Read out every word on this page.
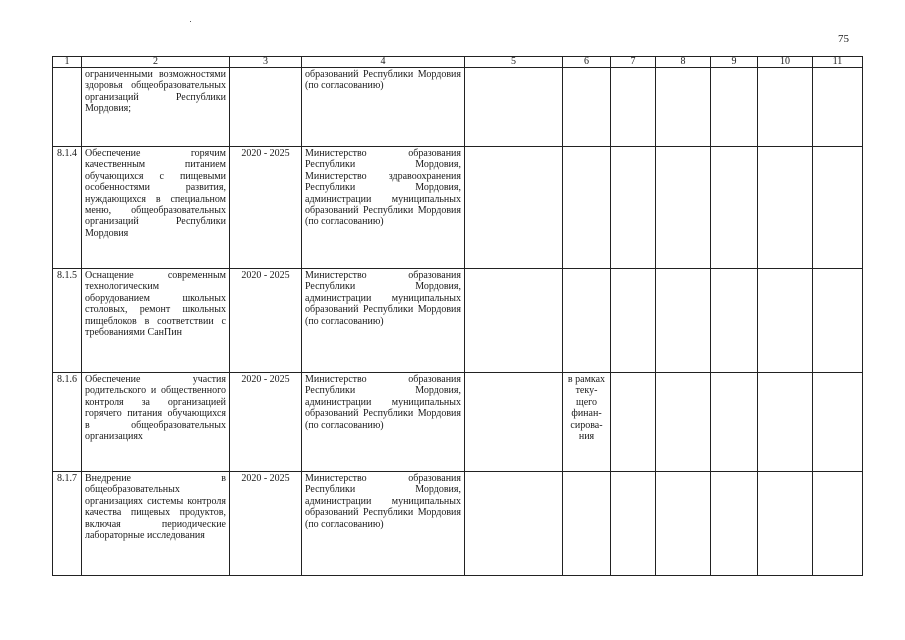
75
1	2	3	4	5	6	7	8	9	10	11
	ограниченными возможностями здоровья общеобразовательных организаций Республики Мордовия;		образований Республики Мордовия (по согласованию)							
8.1.4	Обеспечение горячим качественным питанием обучающихся с пищевыми особенностями развития, нуждающихся в специальном меню, общеобразовательных организаций Республики Мордовия	2020 - 2025	Министерство образования Республики Мордовия, Министерство здравоохранения Республики Мордовия, администрации муниципальных образований Республики Мордовия (по согласованию)							
8.1.5	Оснащение современным технологическим оборудованием школьных столовых, ремонт школьных пищеблоков в соответствии с требованиями СанПин	2020 - 2025	Министерство образования Республики Мордовия, администрации муниципальных образований Республики Мордовия (по согласованию)							
8.1.6	Обеспечение участия родительского и общественного контроля за организацией горячего питания обучающихся в общеобразовательных организациях	2020 - 2025	Министерство образования Республики Мордовия, администрации муниципальных образований Республики Мордовия (по согласованию)		в рамках теку- щего финан- сирова- ния					
8.1.7	Внедрение в общеобразовательных организациях системы контроля качества пищевых продуктов, включая периодические лабораторные исследования	2020 - 2025	Министерство образования Республики Мордовия, администрации муниципальных образований Республики Мордовия (по согласованию)							
